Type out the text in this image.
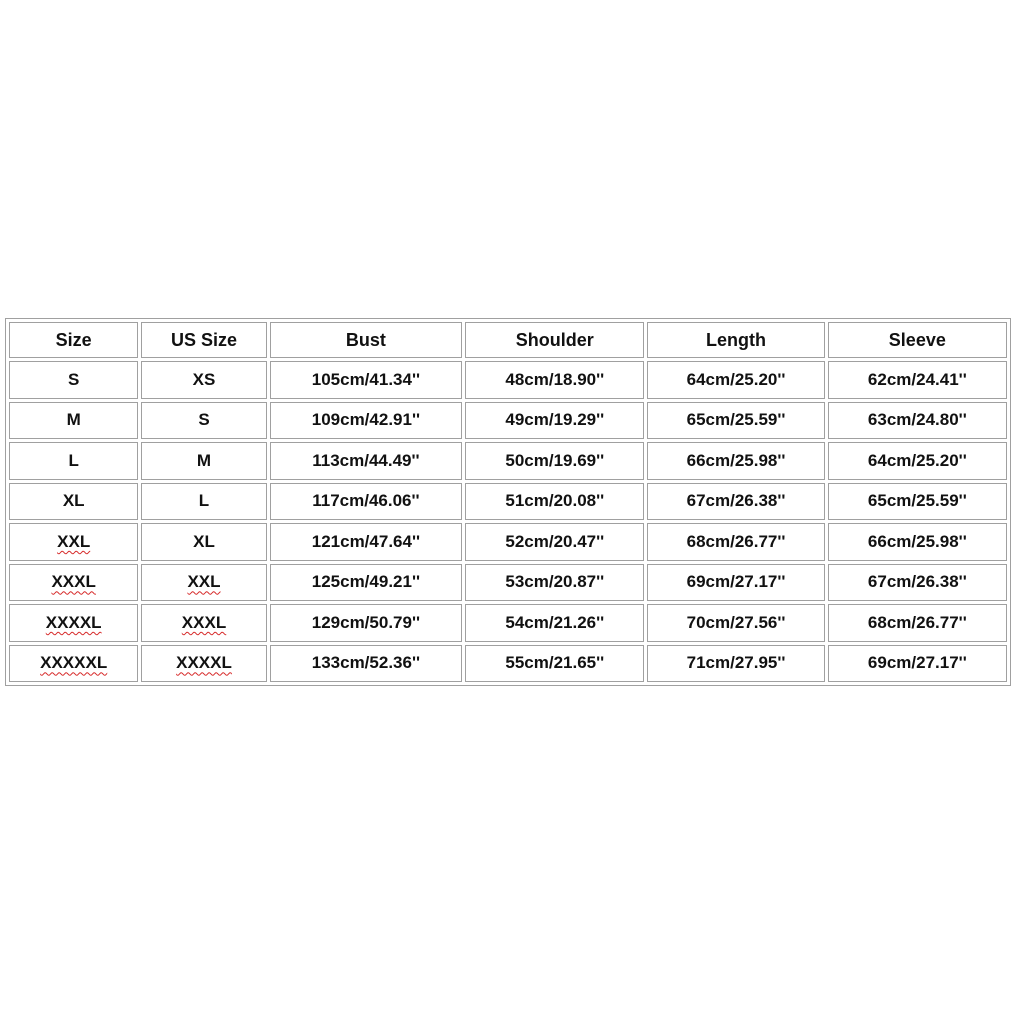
Size	US Size	Bust	Shoulder	Length	Sleeve
S	XS	105cm/41.34''	48cm/18.90''	64cm/25.20''	62cm/24.41''
M	S	109cm/42.91''	49cm/19.29''	65cm/25.59''	63cm/24.80''
L	M	113cm/44.49''	50cm/19.69''	66cm/25.98''	64cm/25.20''
XL	L	117cm/46.06''	51cm/20.08''	67cm/26.38''	65cm/25.59''
XXL	XL	121cm/47.64''	52cm/20.47''	68cm/26.77''	66cm/25.98''
XXXL	XXL	125cm/49.21''	53cm/20.87''	69cm/27.17''	67cm/26.38''
XXXXL	XXXL	129cm/50.79''	54cm/21.26''	70cm/27.56''	68cm/26.77''
XXXXXL	XXXXL	133cm/52.36''	55cm/21.65''	71cm/27.95''	69cm/27.17''
